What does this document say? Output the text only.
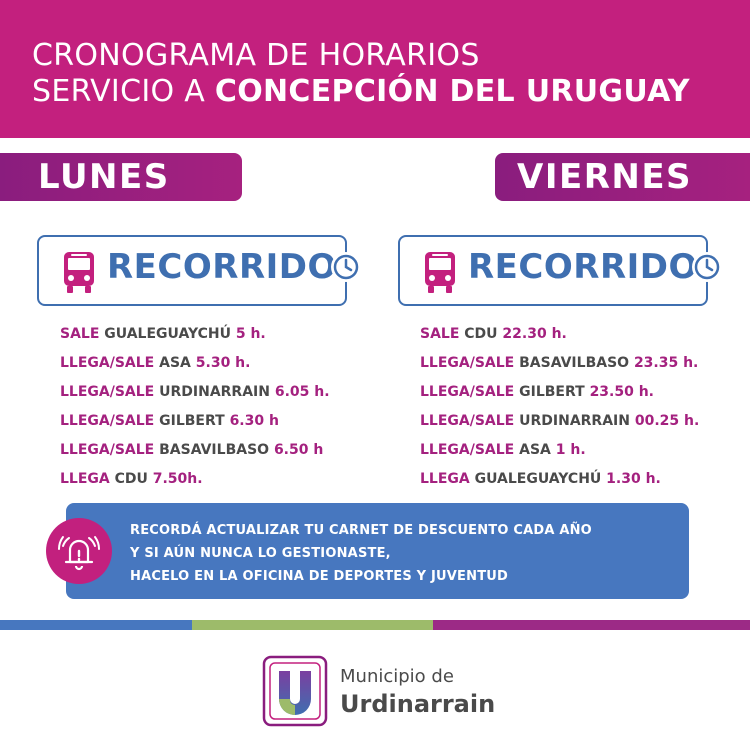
CRONOGRAMA DE HORARIOS
SERVICIO A CONCEPCIÓN DEL URUGUAY
LUNES	VIERNES
RECORRIDO	RECORRIDO
SALE GUALEGUAYCHÚ 5 h.
LLEGA/SALE ASA 5.30 h.
LLEGA/SALE URDINARRAIN 6.05 h.
LLEGA/SALE GILBERT 6.30 h
LLEGA/SALE BASAVILBASO 6.50 h
LLEGA CDU 7.50h.
SALE CDU 22.30 h.
LLEGA/SALE BASAVILBASO 23.35 h.
LLEGA/SALE GILBERT 23.50 h.
LLEGA/SALE URDINARRAIN 00.25 h.
LLEGA/SALE ASA 1 h.
LLEGA GUALEGUAYCHÚ 1.30 h.
RECORDÁ ACTUALIZAR TU CARNET DE DESCUENTO CADA AÑO
Y SI AÚN NUNCA LO GESTIONASTE,
HACELO EN LA OFICINA DE DEPORTES Y JUVENTUD
Municipio de
Urdinarrain
